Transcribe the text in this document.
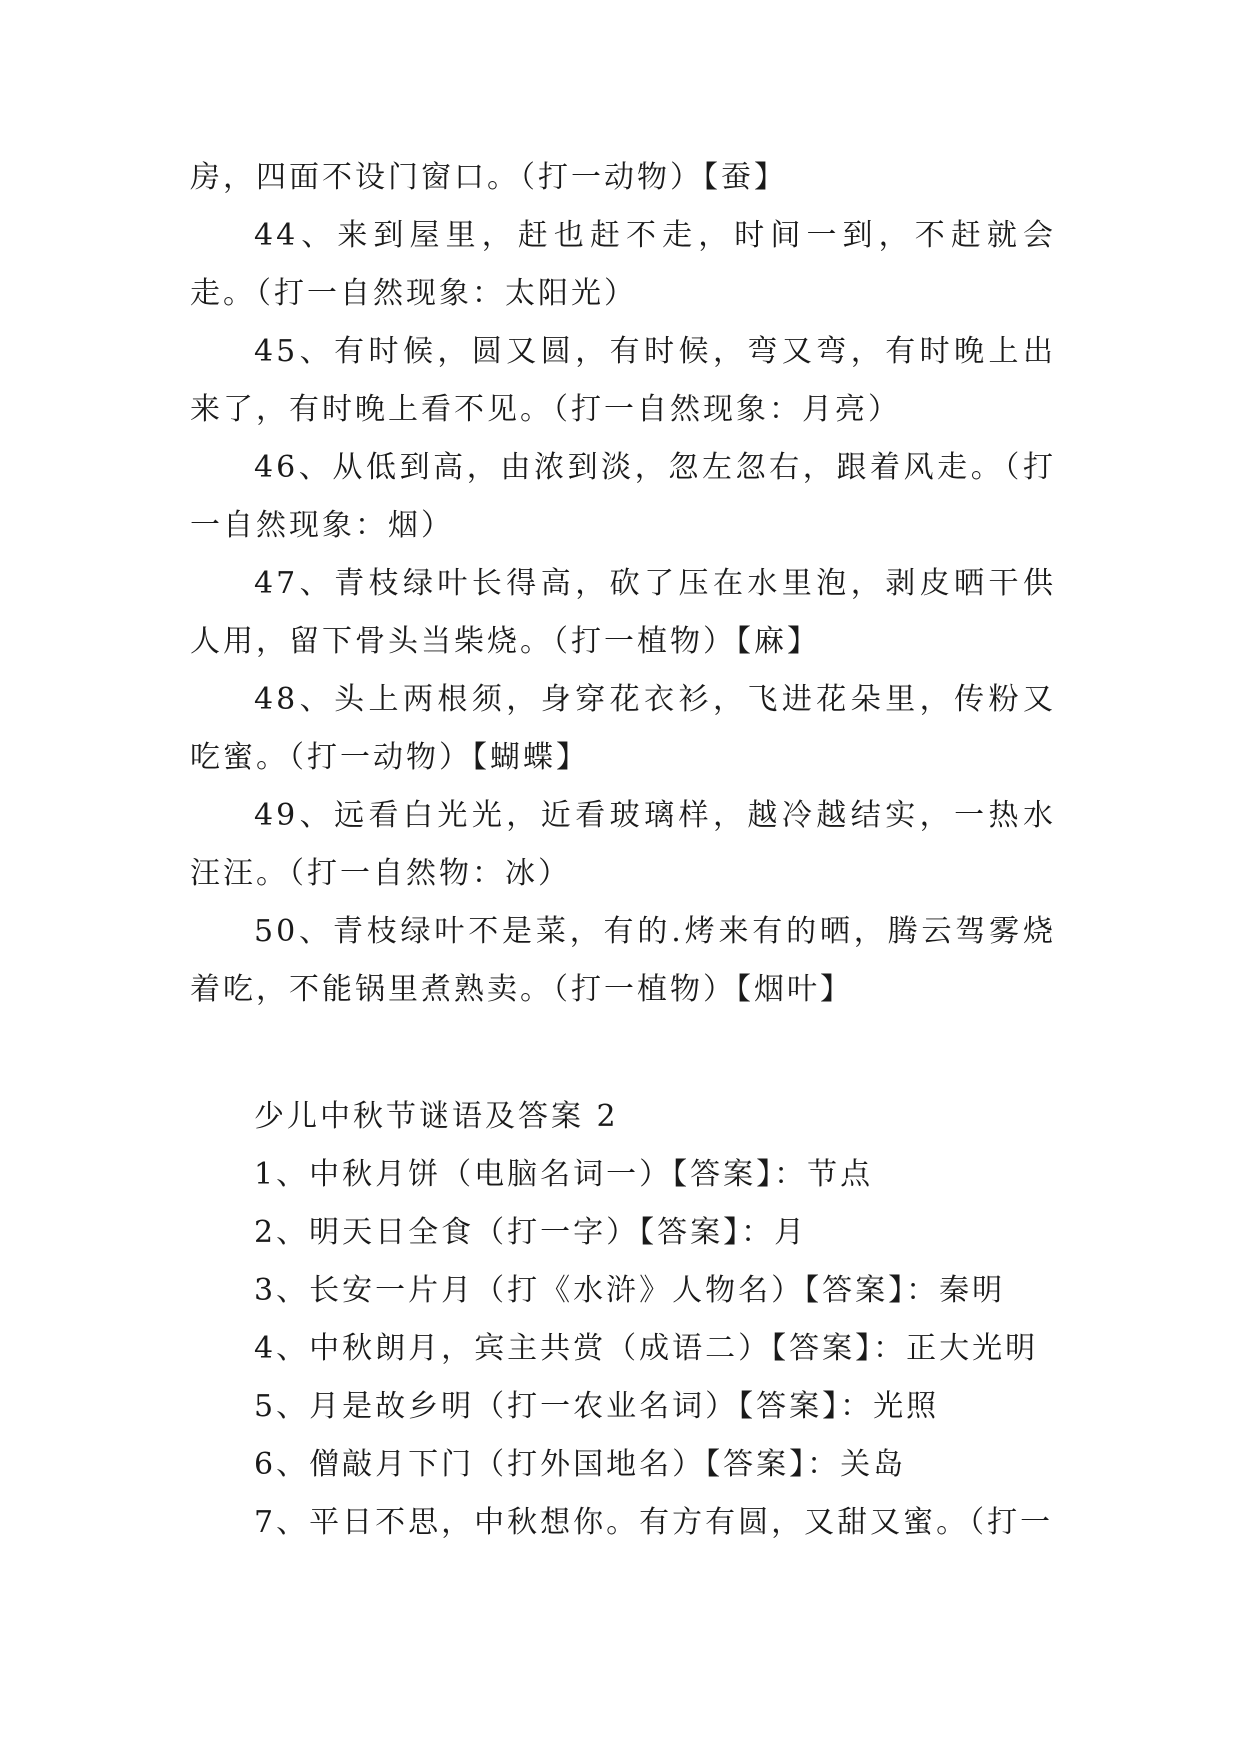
房，四面不设门窗口。（打一动物）【蚕】

44、来到屋里，赶也赶不走，时间一到，不赶就会走。（打一自然现象：太阳光）

45、有时候，圆又圆，有时候，弯又弯，有时晚上出来了，有时晚上看不见。（打一自然现象：月亮）

46、从低到高，由浓到淡，忽左忽右，跟着风走。（打一自然现象：烟）

47、青枝绿叶长得高，砍了压在水里泡，剥皮晒干供人用，留下骨头当柴烧。（打一植物）【麻】

48、头上两根须，身穿花衣衫，飞进花朵里，传粉又吃蜜。（打一动物）【蝴蝶】

49、远看白光光，近看玻璃样，越冷越结实，一热水汪汪。（打一自然物：冰）

50、青枝绿叶不是菜，有的.烤来有的晒，腾云驾雾烧着吃，不能锅里煮熟卖。（打一植物）【烟叶】

少儿中秋节谜语及答案 2

1、中秋月饼（电脑名词一）【答案】：节点

2、明天日全食（打一字）【答案】：月

3、长安一片月（打《水浒》人物名）【答案】：秦明

4、中秋朗月，宾主共赏（成语二）【答案】：正大光明

5、月是故乡明（打一农业名词）【答案】：光照

6、僧敲月下门（打外国地名）【答案】：关岛

7、平日不思，中秋想你。有方有圆，又甜又蜜。（打一
